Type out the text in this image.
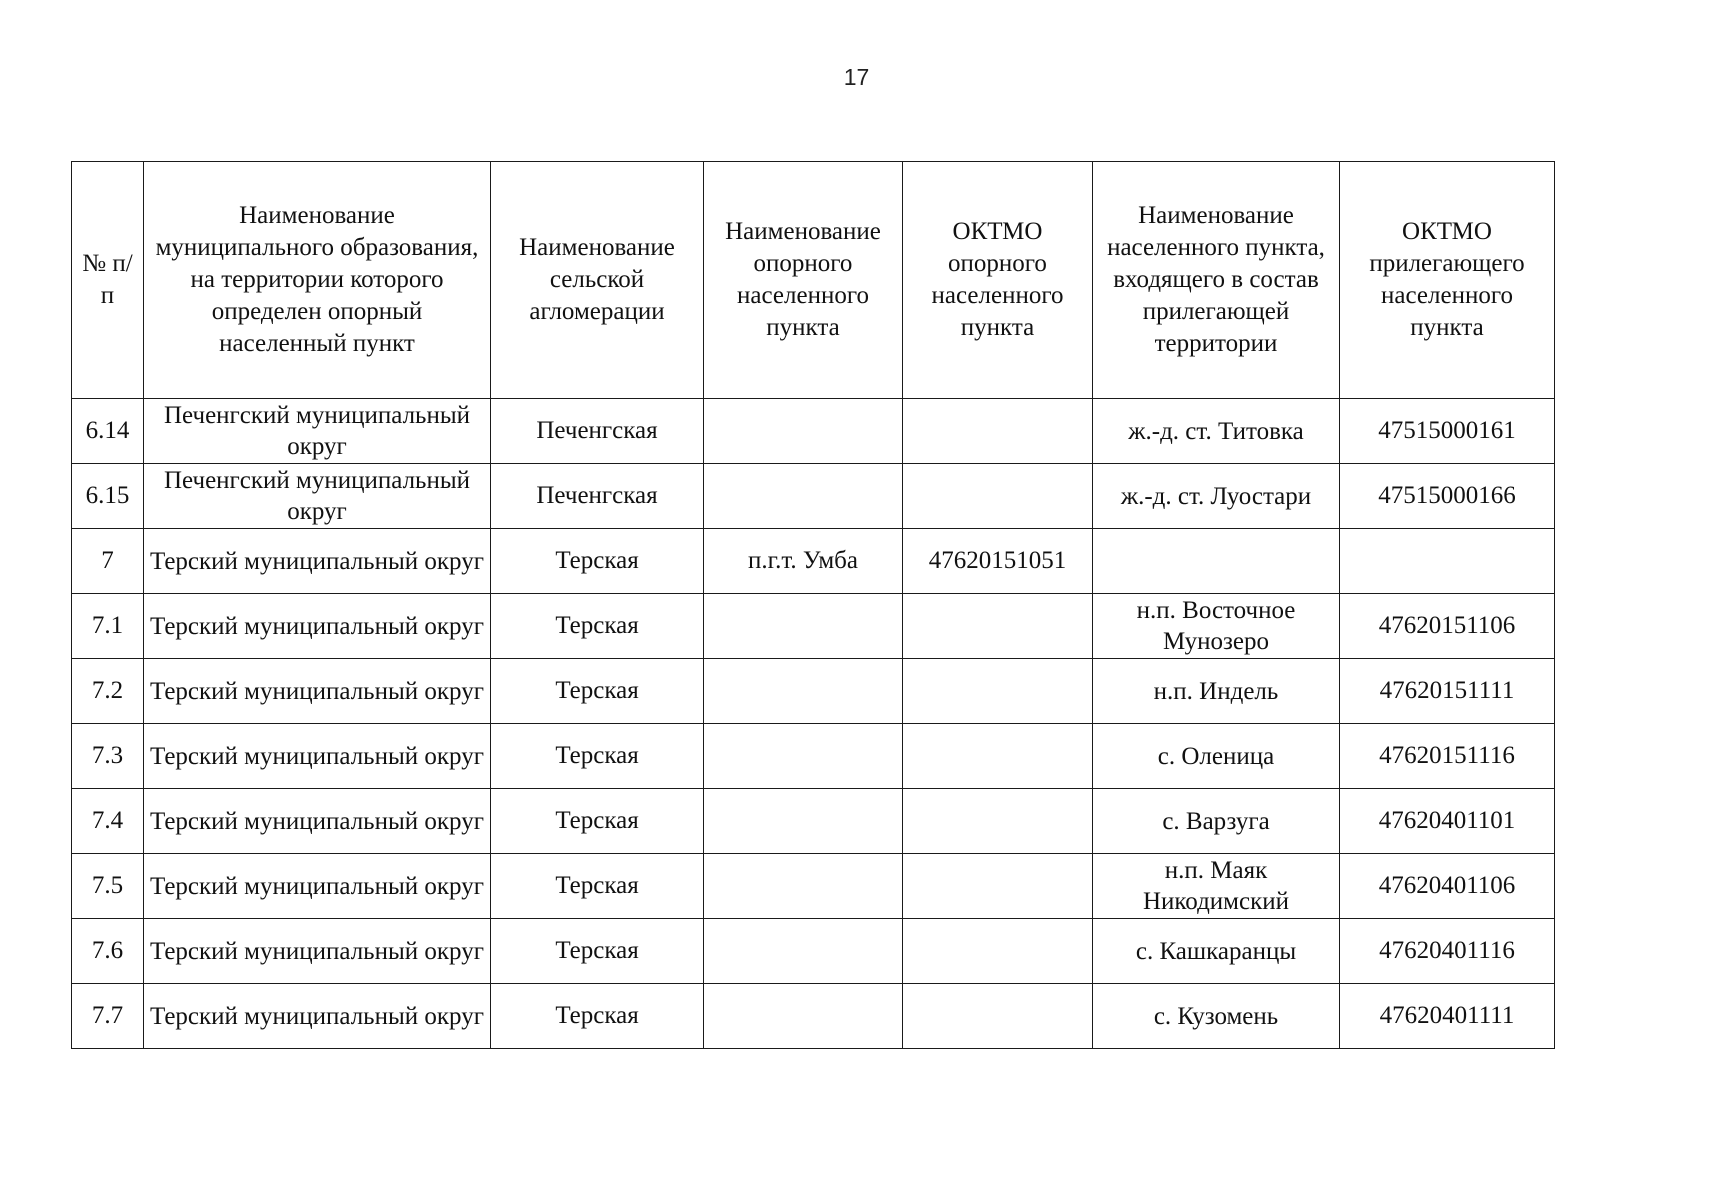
17
№ п/п	Наименование муниципального образования, на территории которого определен опорный населенный пункт	Наименование сельской агломерации	Наименование опорного населенного пункта	ОКТМО опорного населенного пункта	Наименование населенного пункта, входящего в состав прилегающей территории	ОКТМО прилегающего населенного пункта
6.14	Печенгский муниципальный округ	Печенгская			ж.-д. ст. Титовка	47515000161
6.15	Печенгский муниципальный округ	Печенгская			ж.-д. ст. Луостари	47515000166
7	Терский муниципальный округ	Терская	п.г.т. Умба	47620151051		
7.1	Терский муниципальный округ	Терская			н.п. Восточное Мунозеро	47620151106
7.2	Терский муниципальный округ	Терская			н.п. Индель	47620151111
7.3	Терский муниципальный округ	Терская			с. Оленица	47620151116
7.4	Терский муниципальный округ	Терская			с. Варзуга	47620401101
7.5	Терский муниципальный округ	Терская			н.п. Маяк Никодимский	47620401106
7.6	Терский муниципальный округ	Терская			с. Кашкаранцы	47620401116
7.7	Терский муниципальный округ	Терская			с. Кузомень	47620401111
